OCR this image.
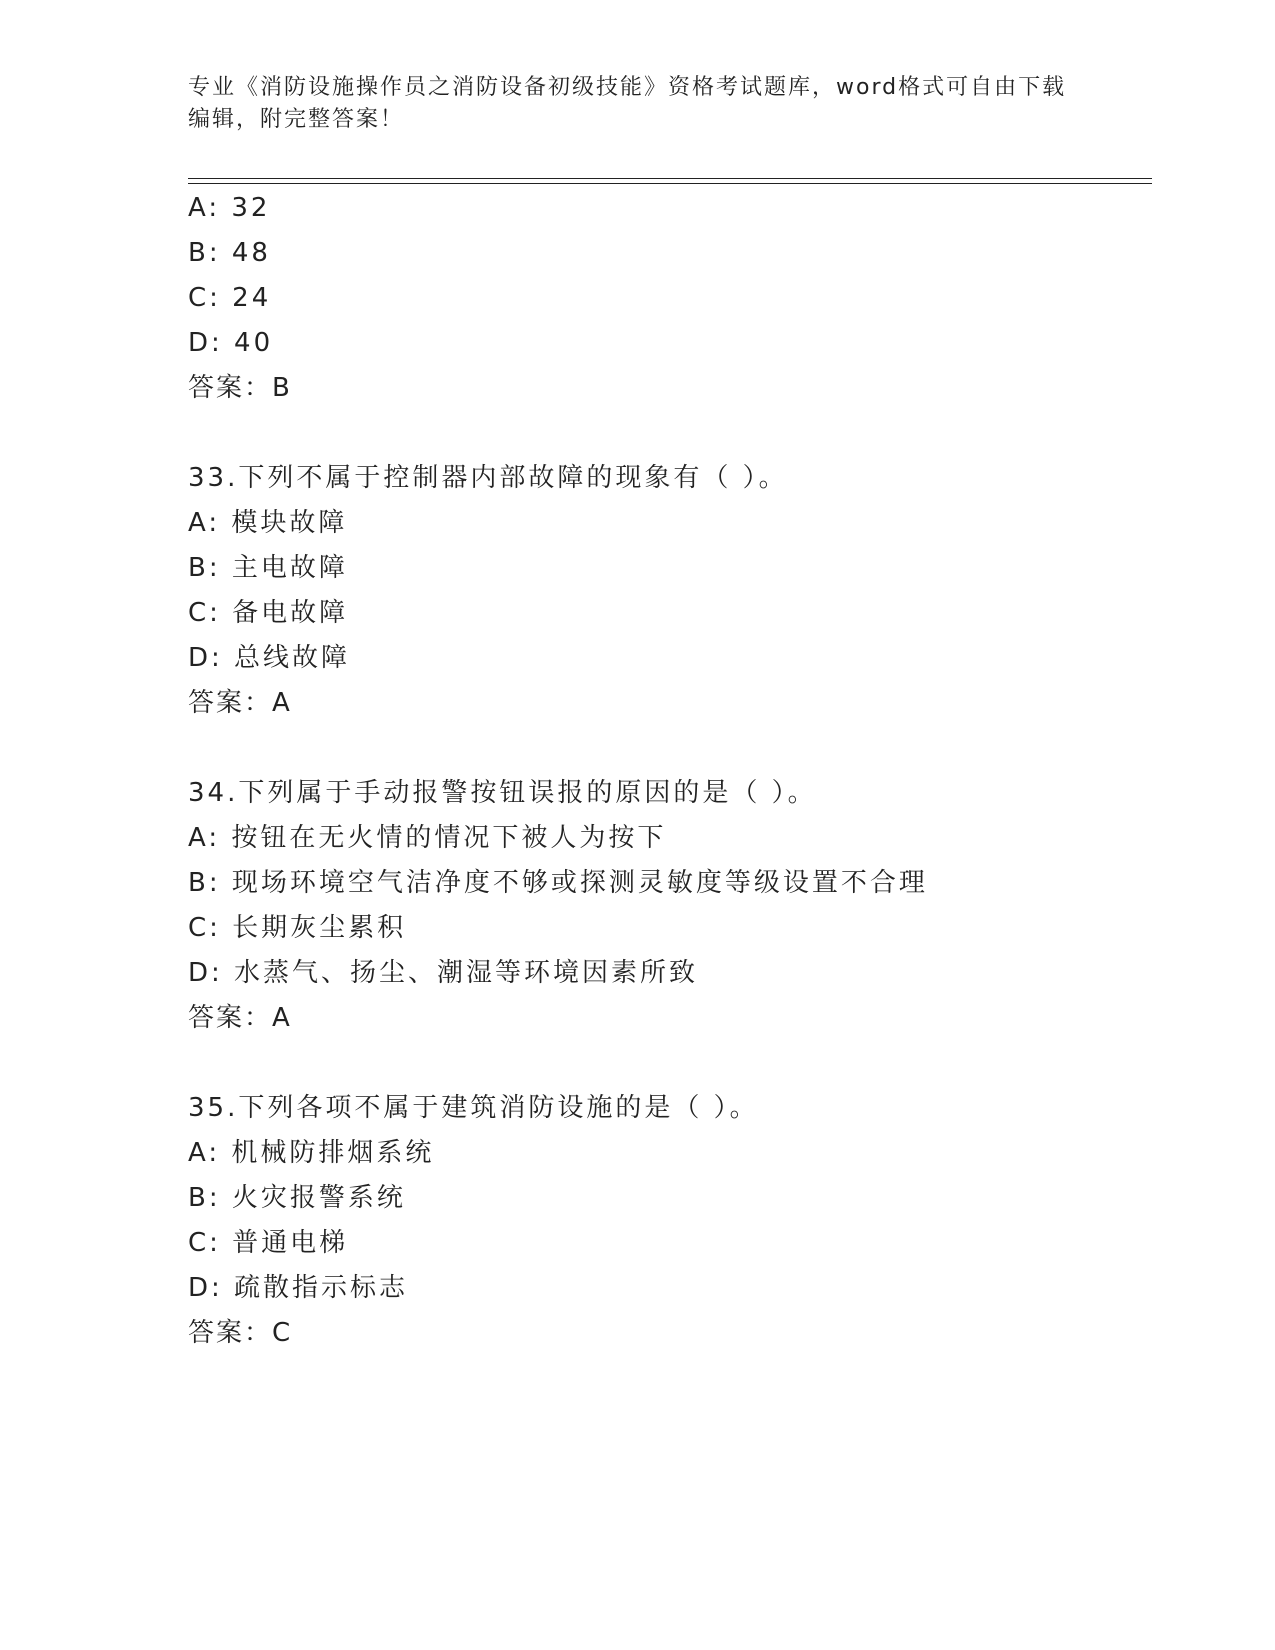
专业《消防设施操作员之消防设备初级技能》资格考试题库，word格式可自由下载编辑，附完整答案！
A: 32
B: 48
C: 24
D: 40
答案：B
33.下列不属于控制器内部故障的现象有（ ）。
A: 模块故障
B: 主电故障
C: 备电故障
D: 总线故障
答案：A
34.下列属于手动报警按钮误报的原因的是（ ）。
A: 按钮在无火情的情况下被人为按下
B: 现场环境空气洁净度不够或探测灵敏度等级设置不合理
C: 长期灰尘累积
D: 水蒸气、扬尘、潮湿等环境因素所致
答案：A
35.下列各项不属于建筑消防设施的是（ ）。
A: 机械防排烟系统
B: 火灾报警系统
C: 普通电梯
D: 疏散指示标志
答案：C
